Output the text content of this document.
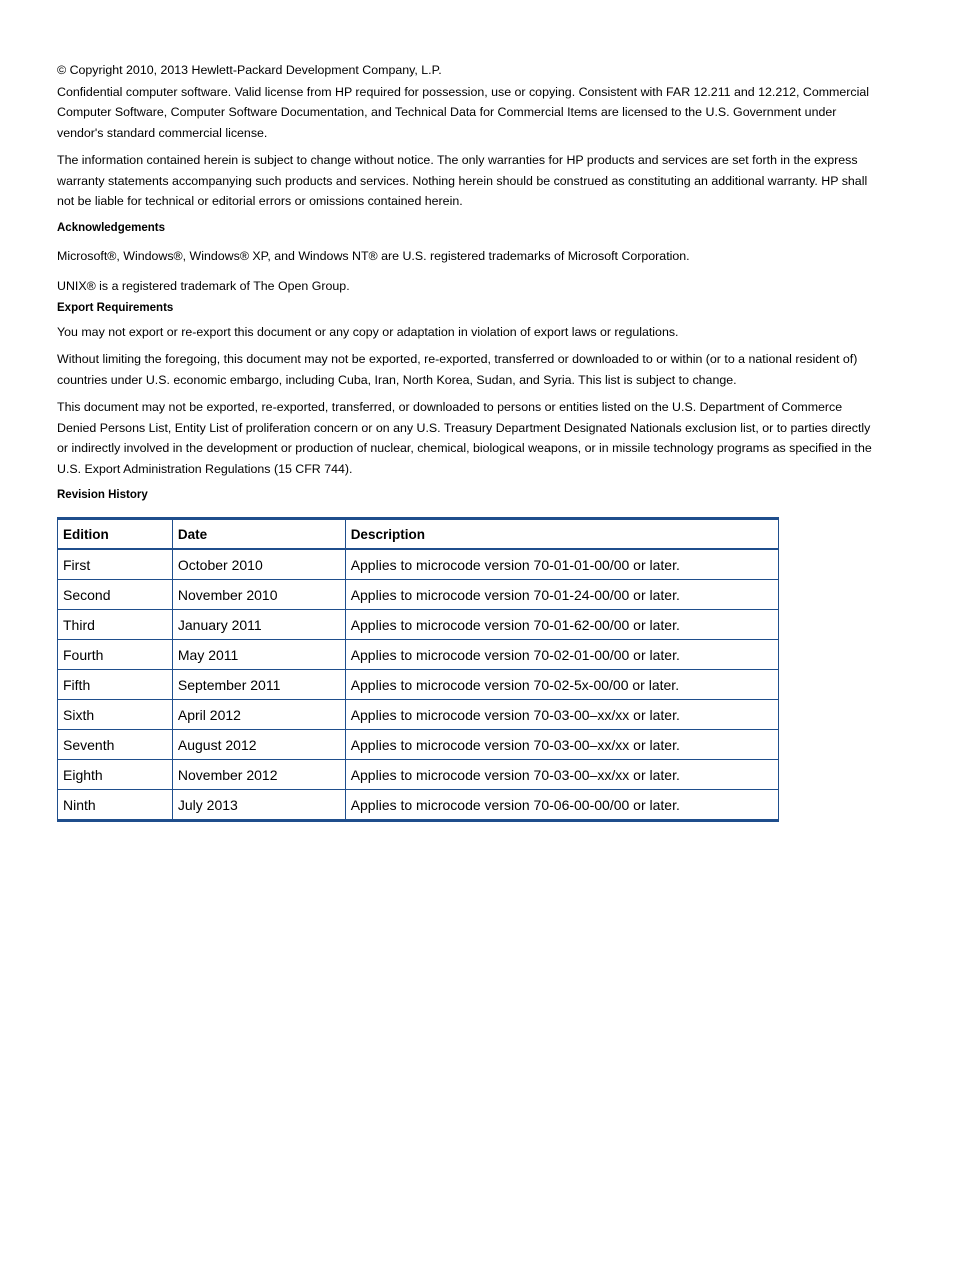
© Copyright 2010, 2013 Hewlett-Packard Development Company, L.P.

Confidential computer software. Valid license from HP required for possession, use or copying. Consistent with FAR 12.211 and 12.212, Commercial Computer Software, Computer Software Documentation, and Technical Data for Commercial Items are licensed to the U.S. Government under vendor's standard commercial license.

The information contained herein is subject to change without notice. The only warranties for HP products and services are set forth in the express warranty statements accompanying such products and services. Nothing herein should be construed as constituting an additional warranty. HP shall not be liable for technical or editorial errors or omissions contained herein.

Acknowledgements

Microsoft®, Windows®, Windows® XP, and Windows NT® are U.S. registered trademarks of Microsoft Corporation.

UNIX® is a registered trademark of The Open Group.

Export Requirements

You may not export or re-export this document or any copy or adaptation in violation of export laws or regulations.

Without limiting the foregoing, this document may not be exported, re-exported, transferred or downloaded to or within (or to a national resident of) countries under U.S. economic embargo, including Cuba, Iran, North Korea, Sudan, and Syria. This list is subject to change.

This document may not be exported, re-exported, transferred, or downloaded to persons or entities listed on the U.S. Department of Commerce Denied Persons List, Entity List of proliferation concern or on any U.S. Treasury Department Designated Nationals exclusion list, or to parties directly or indirectly involved in the development or production of nuclear, chemical, biological weapons, or in missile technology programs as specified in the U.S. Export Administration Regulations (15 CFR 744).

Revision History
Edition	Date	Description
First	October 2010	Applies to microcode version 70-01-01-00/00 or later.
Second	November 2010	Applies to microcode version 70-01-24-00/00 or later.
Third	January 2011	Applies to microcode version 70-01-62-00/00 or later.
Fourth	May 2011	Applies to microcode version 70-02-01-00/00 or later.
Fifth	September 2011	Applies to microcode version 70-02-5x-00/00 or later.
Sixth	April 2012	Applies to microcode version 70-03-00–xx/xx or later.
Seventh	August 2012	Applies to microcode version 70-03-00–xx/xx or later.
Eighth	November 2012	Applies to microcode version 70-03-00–xx/xx or later.
Ninth	July 2013	Applies to microcode version 70-06-00-00/00 or later.
